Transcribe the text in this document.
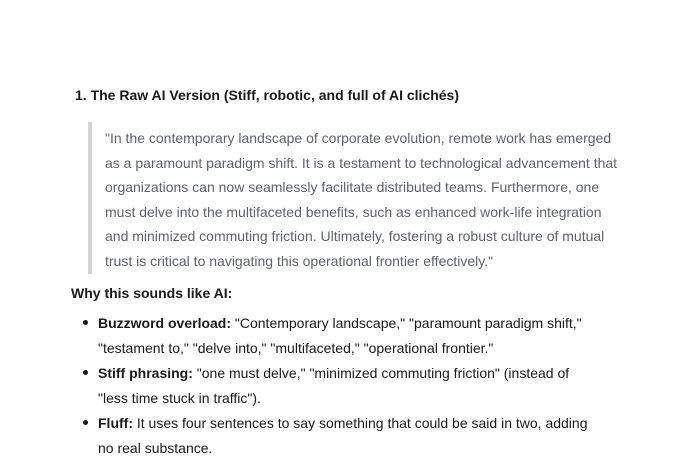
1. The Raw AI Version (Stiff, robotic, and full of AI clichés)
"In the contemporary landscape of corporate evolution, remote work has emerged as a paramount paradigm shift. It is a testament to technological advancement that organizations can now seamlessly facilitate distributed teams. Furthermore, one must delve into the multifaceted benefits, such as enhanced work-life integration and minimized commuting friction. Ultimately, fostering a robust culture of mutual trust is critical to navigating this operational frontier effectively."

Why this sounds like AI:

Buzzword overload: "Contemporary landscape," "paramount paradigm shift," "testament to," "delve into," "multifaceted," "operational frontier."
Stiff phrasing: "one must delve," "minimized commuting friction" (instead of "less time stuck in traffic").
Fluff: It uses four sentences to say something that could be said in two, adding no real substance.
